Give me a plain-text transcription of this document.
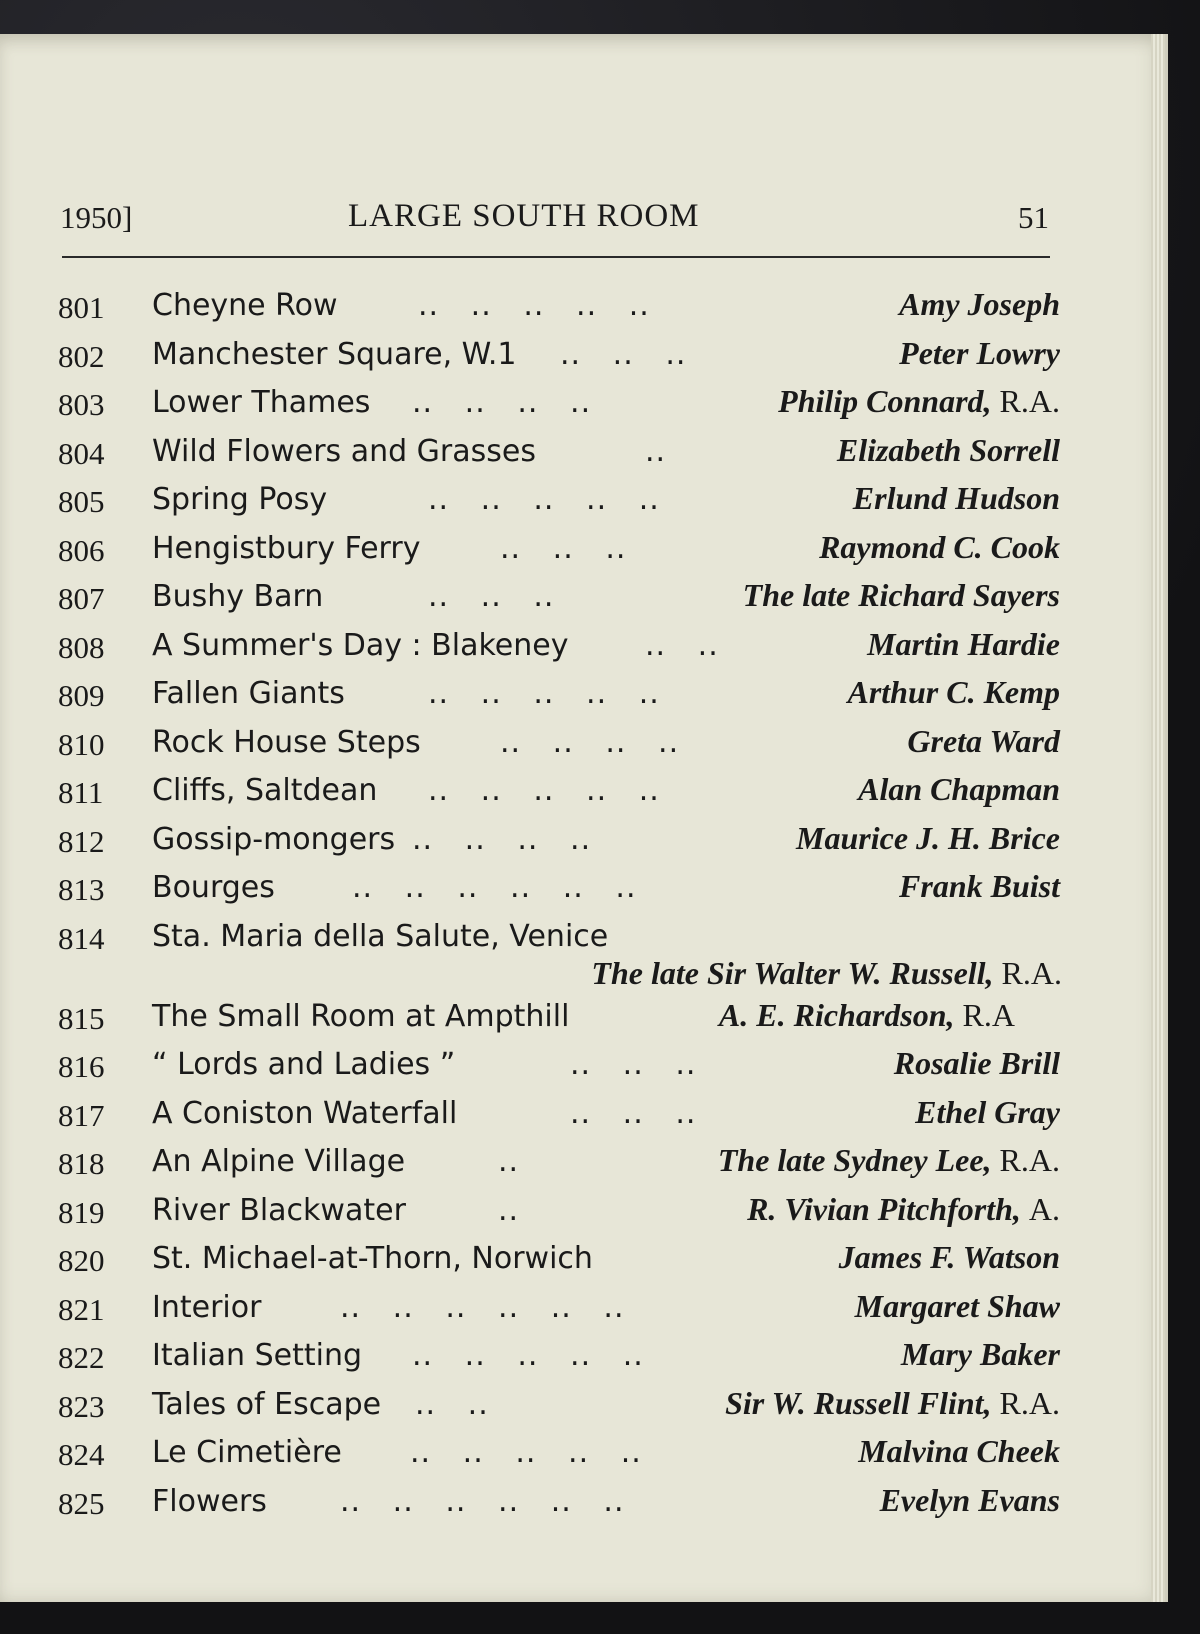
1950]	LARGE SOUTH ROOM	51
801 Cheyne Row	..   ..   ..   ..   ..	Amy Joseph
802 Manchester Square, W.1 ..   ..   ..	Peter Lowry
803 Lower Thames ..   ..   ..   ..	Philip Connard, R.A.
804 Wild Flowers and Grasses	..	Elizabeth Sorrell
805 Spring Posy	..   ..   ..   ..   ..	Erlund Hudson
806 Hengistbury Ferry	..   ..   ..	Raymond C. Cook
807 Bushy Barn	..   ..   ..	The late Richard Sayers
808 A Summer's Day : Blakeney	..   ..	Martin Hardie
809 Fallen Giants	..   ..   ..   ..   ..	Arthur C. Kemp
810 Rock House Steps	..   ..   ..   ..	Greta Ward
811 Cliffs, Saltdean ..   ..   ..   ..   ..	Alan Chapman
812 Gossip-mongers ..   ..   ..   ..	Maurice J. H. Brice
813 Bourges	..   ..   ..   ..   ..   ..	Frank Buist
814 Sta. Maria della Salute, Venice
The late Sir Walter W. Russell, R.A.
815 The Small Room at Ampthill	A. E. Richardson, R.A
816 “ Lords and Ladies ”	..   ..   ..	Rosalie Brill
817 A Coniston Waterfall	..   ..   ..	Ethel Gray
818 An Alpine Village	..	The late Sydney Lee, R.A.
819 River Blackwater	..	R. Vivian Pitchforth, A.
820 St. Michael-at-Thorn, Norwich	James F. Watson
821 Interior	..   ..   ..   ..   ..   ..	Margaret Shaw
822 Italian Setting ..   ..   ..   ..   ..	Mary Baker
823 Tales of Escape ..   ..	Sir W. Russell Flint, R.A.
824 Le Cimetière ..   ..   ..   ..   ..	Malvina Cheek
825 Flowers ..   ..   ..   ..   ..   ..	Evelyn Evans
